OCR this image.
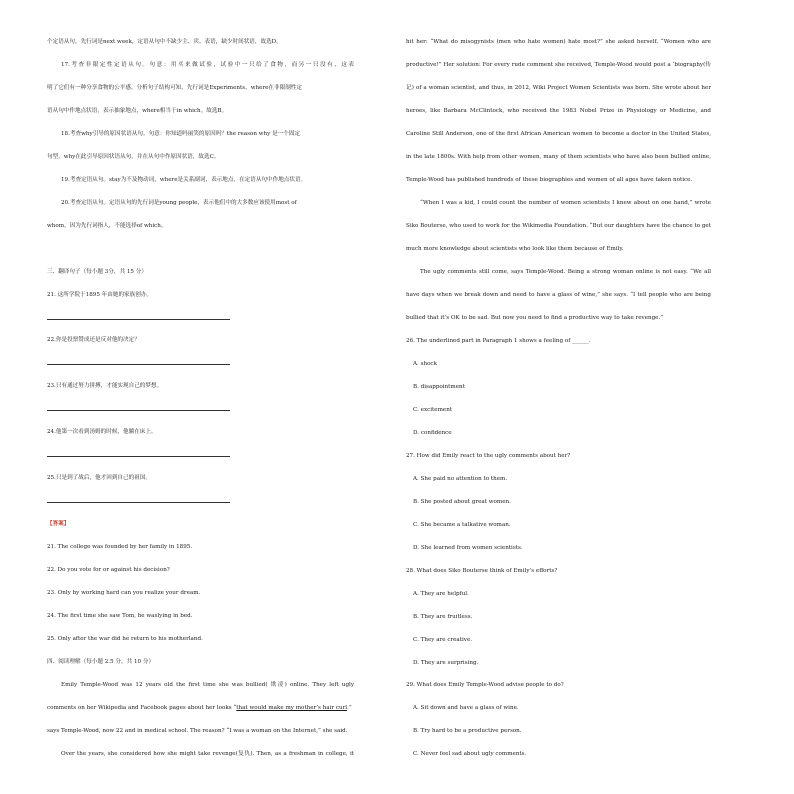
个定语从句，先行词是next week，定语从句中不缺少主、宾、表语，缺少时间状语，故选D。
17.考查非限定性定语从句。句意：用买来做试验，试验中一只给了食物，而另一只没有，这表
明了它们有一种分享食物的公平感。分析句子结构可知，先行词是Experiments，where在非限制性定
语从句中作地点状语，表示抽象地点，where相当于in which。故选B。
18.考查why引导的原因状语从句。句意：你知道吗丽笑的原因吗？the reason why 是一个固定
句型，why在此引导原因状语从句，并在从句中作原因状语，故选C。
19.考查定语从句。stay为不及物动词，where是关系副词，表示地点，在定语从句中作地点状语。
20.考查定语从句。定语从句的先行词是young people，表示他们中的大多数应该使用most of
whom，因为先行词指人，不能选择of which。
三、翻译句子（每小题 3分，共 15 分）
21. 这所学院于1895 年由她的家族创办。
22.你是投票赞成还是反对他的决定？
23.只有通过努力拼搏，才能实现自己的梦想。
24.他第一次看到汤姆的时候，他躺在床上。
25.只是到了战后，他才回到自己的祖国。
【答案】
21. The college was founded by her family in 1895.
22. Do you vote for or against his decision?
23. Only by working hard can you realize your dream.
24. The first time she saw Tom, he waslying in bed.
25. Only after the war did he return to his motherland.
四、阅读理解（每小题 2.5 分，共 10 分）
Emily Temple-Wood was 12 years old the first time she was bullied( 欺凌) online. They left ugly
comments on her Wikipedia and Facebook pages about her looks “that would make my mother’s hair curl.”
says Temple-Wood, now 22 and in medical school. The reason? “I was a woman on the Internet,” she said.
Over the years, she considered how she might take revenge(复仇). Then, as a freshman in college, it
hit her: “What do misogynists (men who hate women) hate most?” she asked herself. “Women who are
productive!” Her solution: For every rude comment she received, Temple-Wood would post a ‘biography(传
记) of a woman scientist, and thus, in 2012, Wiki Project Women Scientists was born. She wrote about her
heroes, like Barbara McClintock, who received the 1983 Nobel Prize in Physiology or Medicine, and
Caroline Still Anderson, one of the first African American women to become a doctor in the United States,
in the late 1800s. With help from other women, many of them scientists who have also been bullied online,
Temple-Wood has published hundreds of these biographies and women of all ages have taken notice.
“When I was a kid, I could count the number of women scientists I knew about on one hand,” wrote
Siko Bouterse, who used to work for the Wikimedia Foundation. “But our daughters have the chance to get
much more knowledge about scientists who look like them because of Emily.
The ugly comments still come, says Temple-Wood. Being a strong woman online is not easy. “We all
have days when we break down and need to have a glass of wine,” she says. “I tell people who are being
bullied that it’s OK to be sad. But now you need to find a productive way to take revenge.”
26. The underlined part in Paragraph 1 shows a feeling of ______.
A. shock
B. disappointment
C. excitement
D. confidence
27. How did Emily react to the ugly comments about her?
A. She paid no attention to them.
B. She posted about great women.
C. She became a talkative woman.
D. She learned from women scientists.
28. What does Siko Bouterse think of Emily’s efforts?
A. They are helpful.
B. They are fruitless.
C. They are creative.
D. They are surprising.
29. What does Emily Temple-Wood advise people to do?
A. Sit down and have a glass of wine.
B. Try hard to be a productive person.
C. Never feel sad about ugly comments.
